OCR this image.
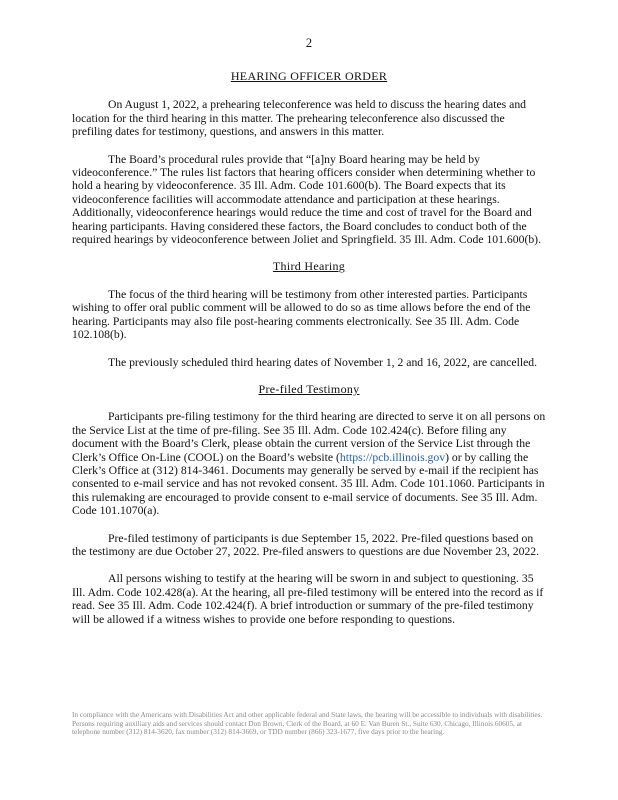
2

HEARING OFFICER ORDER

On August 1, 2022, a prehearing teleconference was held to discuss the hearing dates and location for the third hearing in this matter. The prehearing teleconference also discussed the prefiling dates for testimony, questions, and answers in this matter.

The Board’s procedural rules provide that “[a]ny Board hearing may be held by videoconference.” The rules list factors that hearing officers consider when determining whether to hold a hearing by videoconference. 35 Ill. Adm. Code 101.600(b). The Board expects that its videoconference facilities will accommodate attendance and participation at these hearings. Additionally, videoconference hearings would reduce the time and cost of travel for the Board and hearing participants. Having considered these factors, the Board concludes to conduct both of the required hearings by videoconference between Joliet and Springfield. 35 Ill. Adm. Code 101.600(b).

Third Hearing

The focus of the third hearing will be testimony from other interested parties. Participants wishing to offer oral public comment will be allowed to do so as time allows before the end of the hearing. Participants may also file post-hearing comments electronically. See 35 Ill. Adm. Code 102.108(b).

The previously scheduled third hearing dates of November 1, 2 and 16, 2022, are cancelled.

Pre-filed Testimony

Participants pre-filing testimony for the third hearing are directed to serve it on all persons on the Service List at the time of pre-filing. See 35 Ill. Adm. Code 102.424(c). Before filing any document with the Board’s Clerk, please obtain the current version of the Service List through the Clerk’s Office On-Line (COOL) on the Board’s website (https://pcb.illinois.gov) or by calling the Clerk’s Office at (312) 814-3461. Documents may generally be served by e-mail if the recipient has consented to e-mail service and has not revoked consent. 35 Ill. Adm. Code 101.1060. Participants in this rulemaking are encouraged to provide consent to e-mail service of documents. See 35 Ill. Adm. Code 101.1070(a).

Pre-filed testimony of participants is due September 15, 2022. Pre-filed questions based on the testimony are due October 27, 2022. Pre-filed answers to questions are due November 23, 2022.

All persons wishing to testify at the hearing will be sworn in and subject to questioning. 35 Ill. Adm. Code 102.428(a). At the hearing, all pre-filed testimony will be entered into the record as if read. See 35 Ill. Adm. Code 102.424(f). A brief introduction or summary of the pre-filed testimony will be allowed if a witness wishes to provide one before responding to questions.

In compliance with the Americans with Disabilities Act and other applicable federal and State laws, the hearing will be accessible to individuals with disabilities. Persons requiring auxiliary aids and services should contact Don Brown, Clerk of the Board, at 60 E. Van Buren St., Suite 630, Chicago, Illinois 60605, at telephone number (312) 814-3620, fax number (312) 814-3669, or TDD number (866) 323-1677, five days prior to the hearing.
